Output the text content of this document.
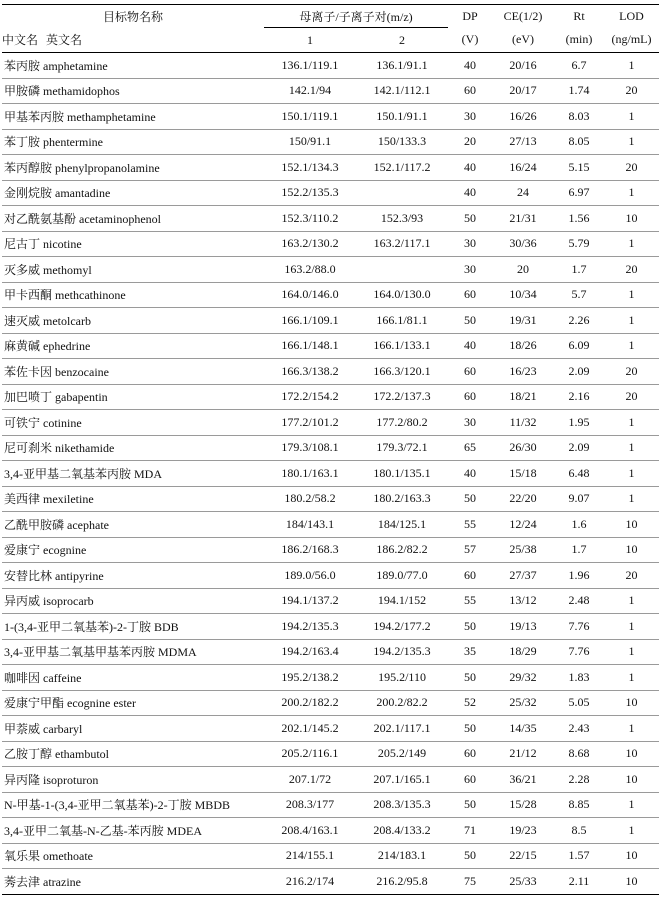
目标物名称	母离子/子离子对(m/z)		DP	CE(1/2)	Rt	LOD
中文名 英文名	1	2	(V)	(eV)	(min)	(ng/mL)
苯丙胺 amphetamine	136.1/119.1	136.1/91.1	40	20/16	6.7	1
甲胺磷 methamidophos	142.1/94	142.1/112.1	60	20/17	1.74	20
甲基苯丙胺 methamphetamine	150.1/119.1	150.1/91.1	30	16/26	8.03	1
苯丁胺 phentermine	150/91.1	150/133.3	20	27/13	8.05	1
苯丙醇胺 phenylpropanolamine	152.1/134.3	152.1/117.2	40	16/24	5.15	20
金刚烷胺 amantadine	152.2/135.3		40	24	6.97	1
对乙酰氨基酚 acetaminophenol	152.3/110.2	152.3/93	50	21/31	1.56	10
尼古丁 nicotine	163.2/130.2	163.2/117.1	30	30/36	5.79	1
灭多威 methomyl	163.2/88.0		30	20	1.7	20
甲卡西酮 methcathinone	164.0/146.0	164.0/130.0	60	10/34	5.7	1
速灭威 metolcarb	166.1/109.1	166.1/81.1	50	19/31	2.26	1
麻黄碱 ephedrine	166.1/148.1	166.1/133.1	40	18/26	6.09	1
苯佐卡因 benzocaine	166.3/138.2	166.3/120.1	60	16/23	2.09	20
加巴喷丁 gabapentin	172.2/154.2	172.2/137.3	60	18/21	2.16	20
可铁宁 cotinine	177.2/101.2	177.2/80.2	30	11/32	1.95	1
尼可刹米 nikethamide	179.3/108.1	179.3/72.1	65	26/30	2.09	1
3,4-亚甲基二氧基苯丙胺 MDA	180.1/163.1	180.1/135.1	40	15/18	6.48	1
美西律 mexiletine	180.2/58.2	180.2/163.3	50	22/20	9.07	1
乙酰甲胺磷 acephate	184/143.1	184/125.1	55	12/24	1.6	10
爱康宁 ecognine	186.2/168.3	186.2/82.2	57	25/38	1.7	10
安替比林 antipyrine	189.0/56.0	189.0/77.0	60	27/37	1.96	20
异丙威 isoprocarb	194.1/137.2	194.1/152	55	13/12	2.48	1
1-(3,4-亚甲二氧基苯)-2-丁胺 BDB	194.2/135.3	194.2/177.2	50	19/13	7.76	1
3,4-亚甲基二氧基甲基苯丙胺 MDMA	194.2/163.4	194.2/135.3	35	18/29	7.76	1
咖啡因 caffeine	195.2/138.2	195.2/110	50	29/32	1.83	1
爱康宁甲酯 ecognine ester	200.2/182.2	200.2/82.2	52	25/32	5.05	10
甲萘威 carbaryl	202.1/145.2	202.1/117.1	50	14/35	2.43	1
乙胺丁醇 ethambutol	205.2/116.1	205.2/149	60	21/12	8.68	10
异丙隆 isoproturon	207.1/72	207.1/165.1	60	36/21	2.28	10
N-甲基-1-(3,4-亚甲二氧基苯)-2-丁胺 MBDB	208.3/177	208.3/135.3	50	15/28	8.85	1
3,4-亚甲二氧基-N-乙基-苯丙胺 MDEA	208.4/163.1	208.4/133.2	71	19/23	8.5	1
氧乐果 omethoate	214/155.1	214/183.1	50	22/15	1.57	10
莠去津 atrazine	216.2/174	216.2/95.8	75	25/33	2.11	10
